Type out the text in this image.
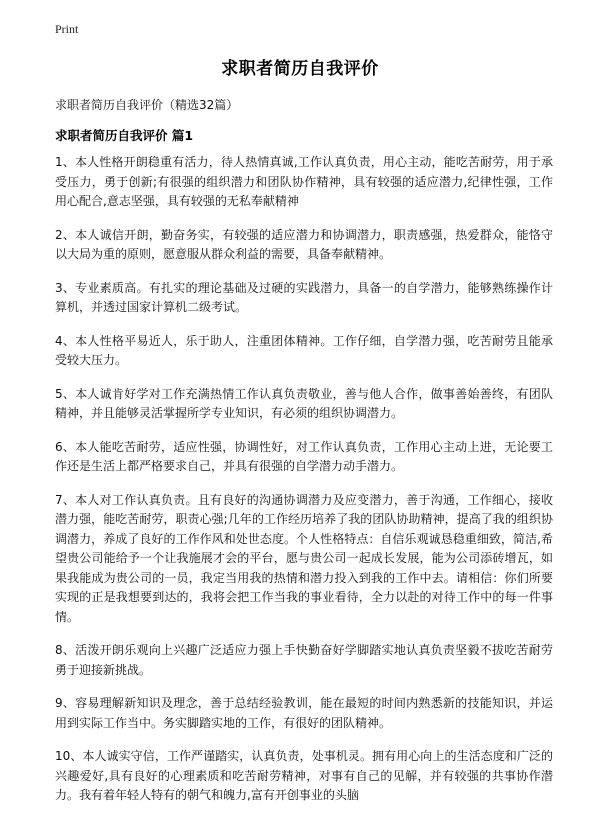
Print
求职者简历自我评价
求职者简历自我评价（精选32篇）
求职者简历自我评价 篇1

1、本人性格开朗稳重有活力，待人热情真诚,工作认真负责，用心主动，能吃苦耐劳，用于承受压力，勇于创新;有很强的组织潜力和团队协作精神，具有较强的适应潜力,纪律性强，工作用心配合,意志坚强，具有较强的无私奉献精神

2、本人诚信开朗，勤奋务实，有较强的适应潜力和协调潜力，职责感强，热爱群众，能恪守以大局为重的原则，愿意服从群众利益的需要，具备奉献精神。

3、专业素质高。有扎实的理论基础及过硬的实践潜力，具备一的自学潜力，能够熟练操作计算机，并透过国家计算机二级考试。

4、本人性格平易近人，乐于助人，注重团体精神。工作仔细，自学潜力强，吃苦耐劳且能承受较大压力。

5、本人诚肯好学对工作充满热情工作认真负责敬业，善与他人合作，做事善始善终，有团队精神，并且能够灵活掌握所学专业知识，有必须的组织协调潜力。

6、本人能吃苦耐劳，适应性强，协调性好，对工作认真负责，工作用心主动上进，无论要工作还是生活上都严格要求自己，并具有很强的自学潜力动手潜力。

7、本人对工作认真负责。且有良好的沟通协调潜力及应变潜力，善于沟通，工作细心，接收潜力强，能吃苦耐劳，职责心强;几年的工作经历培养了我的团队协助精神，提高了我的组织协调潜力，养成了良好的工作作风和处世态度。个人性格特点：自信乐观诚恳稳重细致，简洁,希望贵公司能给予一个让我施展才会的平台，愿与贵公司一起成长发展，能为公司添砖增瓦，如果我能成为贵公司的一员，我定当用我的热情和潜力投入到我的工作中去。请相信：你们所要实现的正是我想要到达的，我将会把工作当我的事业看待，全力以赴的对待工作中的每一件事情。

8、活泼开朗乐观向上兴趣广泛适应力强上手快勤奋好学脚踏实地认真负责坚毅不拔吃苦耐劳勇于迎接新挑战。

9、容易理解新知识及理念，善于总结经验教训，能在最短的时间内熟悉新的技能知识，并运用到实际工作当中。务实脚踏实地的工作，有很好的团队精神。

10、本人诚实守信，工作严谨踏实，认真负责，处事机灵。拥有用心向上的生活态度和广泛的兴趣爱好,具有良好的心理素质和吃苦耐劳精神，对事有自己的见解，并有较强的共事协作潜力。我有着年轻人特有的朝气和魄力,富有开创事业的头脑
